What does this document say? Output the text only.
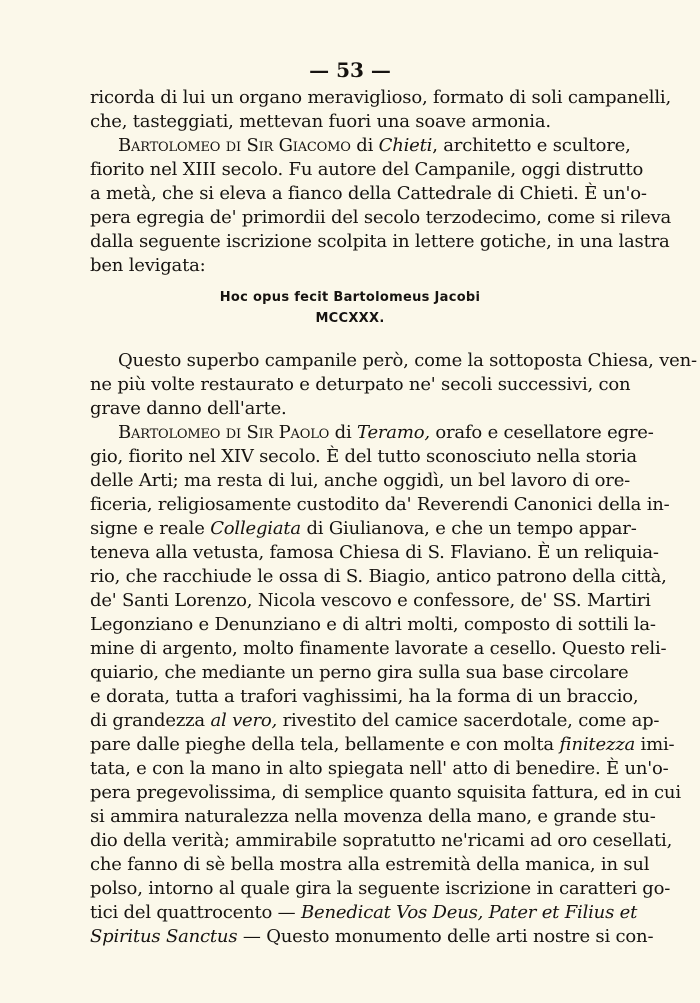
— 53 —
ricorda di lui un organo meraviglioso, formato di soli campanelli,
che, tasteggiati, mettevan fuori una soave armonia.
Bartolomeo di Sir Giacomo di Chieti, architetto e scultore,
fiorito nel XIII secolo. Fu autore del Campanile, oggi distrutto
a metà, che si eleva a fianco della Cattedrale di Chieti. È un'o-
pera egregia de' primordii del secolo terzodecimo, come si rileva
dalla seguente iscrizione scolpita in lettere gotiche, in una lastra
ben levigata:
Hoc opus fecit Bartolomeus Jacobi
MCCXXX.
Questo superbo campanile però, come la sottoposta Chiesa, ven-
ne più volte restaurato e deturpato ne' secoli successivi, con
grave danno dell'arte.
Bartolomeo di Sir Paolo di Teramo, orafo e cesellatore egre-
gio, fiorito nel XIV secolo. È del tutto sconosciuto nella storia
delle Arti; ma resta di lui, anche oggidì, un bel lavoro di ore-
ficeria, religiosamente custodito da' Reverendi Canonici della in-
signe e reale Collegiata di Giulianova, e che un tempo appar-
teneva alla vetusta, famosa Chiesa di S. Flaviano. È un reliquia-
rio, che racchiude le ossa di S. Biagio, antico patrono della città,
de' Santi Lorenzo, Nicola vescovo e confessore, de' SS. Martiri
Legonziano e Denunziano e di altri molti, composto di sottili la-
mine di argento, molto finamente lavorate a cesello. Questo reli-
quiario, che mediante un perno gira sulla sua base circolare
e dorata, tutta a trafori vaghissimi, ha la forma di un braccio,
di grandezza al vero, rivestito del camice sacerdotale, come ap-
pare dalle pieghe della tela, bellamente e con molta finitezza imi-
tata, e con la mano in alto spiegata nell' atto di benedire. È un'o-
pera pregevolissima, di semplice quanto squisita fattura, ed in cui
si ammira naturalezza nella movenza della mano, e grande stu-
dio della verità; ammirabile sopratutto ne'ricami ad oro cesellati,
che fanno di sè bella mostra alla estremità della manica, in sul
polso, intorno al quale gira la seguente iscrizione in caratteri go-
tici del quattrocento — Benedicat Vos Deus, Pater et Filius et
Spiritus Sanctus — Questo monumento delle arti nostre si con-
